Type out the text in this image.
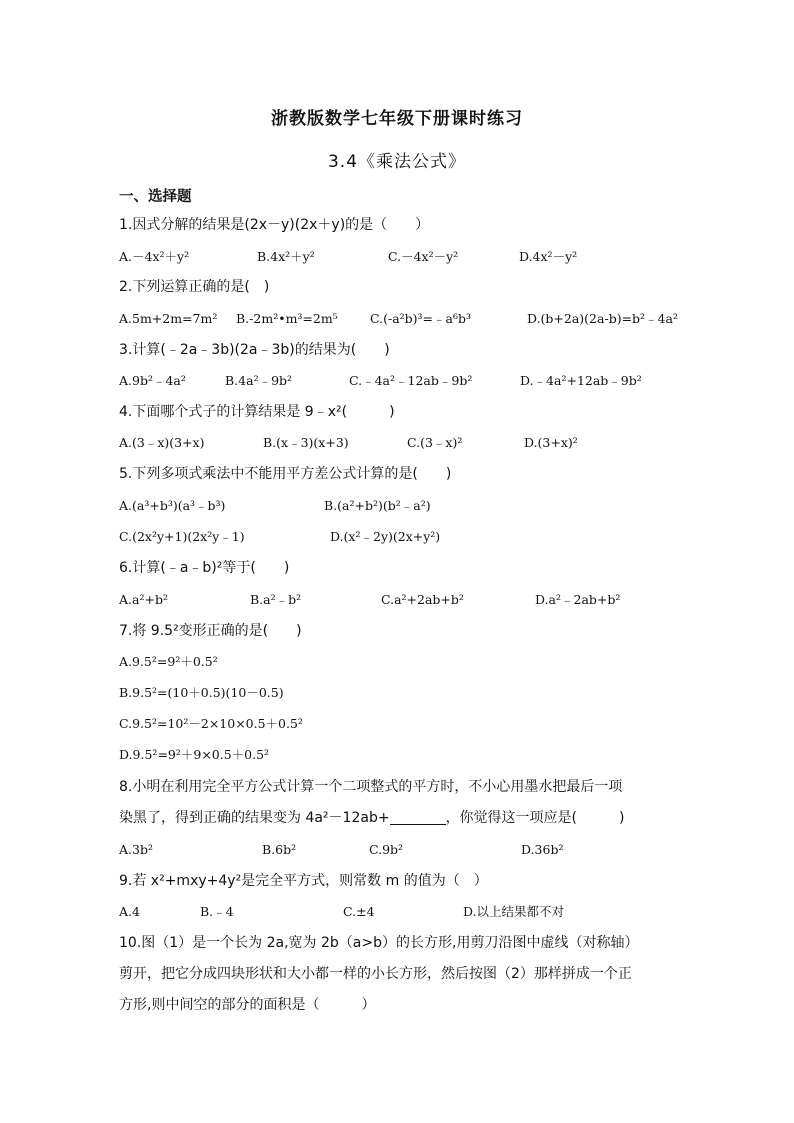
浙教版数学七年级下册课时练习
3.4《乘法公式》
一、选择题
1.因式分解的结果是(2x－y)(2x＋y)的是（　　）
A.－4x²＋y²	B.4x²＋y²	C.－4x²－y²	D.4x²－y²
2.下列运算正确的是(　)
A.5m+2m=7m² B.-2m²•m³=2m⁵	C.(-a²b)³=﹣a⁶b³	D.(b+2a)(2a-b)=b²﹣4a²
3.计算(﹣2a﹣3b)(2a﹣3b)的结果为(　　)
A.9b²﹣4a²	B.4a²﹣9b²	C.﹣4a²﹣12ab﹣9b²	D.﹣4a²+12ab﹣9b²
4.下面哪个式子的计算结果是 9﹣x²(　　　)
A.(3﹣x)(3+x)	B.(x﹣3)(x+3)	C.(3﹣x)²	D.(3+x)²
5.下列多项式乘法中不能用平方差公式计算的是(　　)
A.(a³+b³)(a³﹣b³)	B.(a²+b²)(b²﹣a²)
C.(2x²y+1)(2x²y﹣1)	D.(x²﹣2y)(2x+y²)
6.计算(﹣a﹣b)²等于(　　)
A.a²+b²	B.a²﹣b²	C.a²+2ab+b²	D.a²﹣2ab+b²
7.将 9.5²变形正确的是(　　)
A.9.5²=9²＋0.5²
B.9.5²=(10＋0.5)(10－0.5)
C.9.5²=10²－2×10×0.5＋0.5²
D.9.5²=9²＋9×0.5＋0.5²
8.小明在利用完全平方公式计算一个二项整式的平方时，不小心用墨水把最后一项
染黑了，得到正确的结果变为 4a²－12ab+	，你觉得这一项应是(　　　)
A.3b²	B.6b²	C.9b²	D.36b²
9.若 x²+mxy+4y²是完全平方式，则常数 m 的值为（　）
A.4	B.﹣4	C.±4	D.以上结果都不对
10.图（1）是一个长为 2a,宽为 2b（a>b）的长方形,用剪刀沿图中虚线（对称轴）
剪开，把它分成四块形状和大小都一样的小长方形，然后按图（2）那样拼成一个正
方形,则中间空的部分的面积是（　　　）
